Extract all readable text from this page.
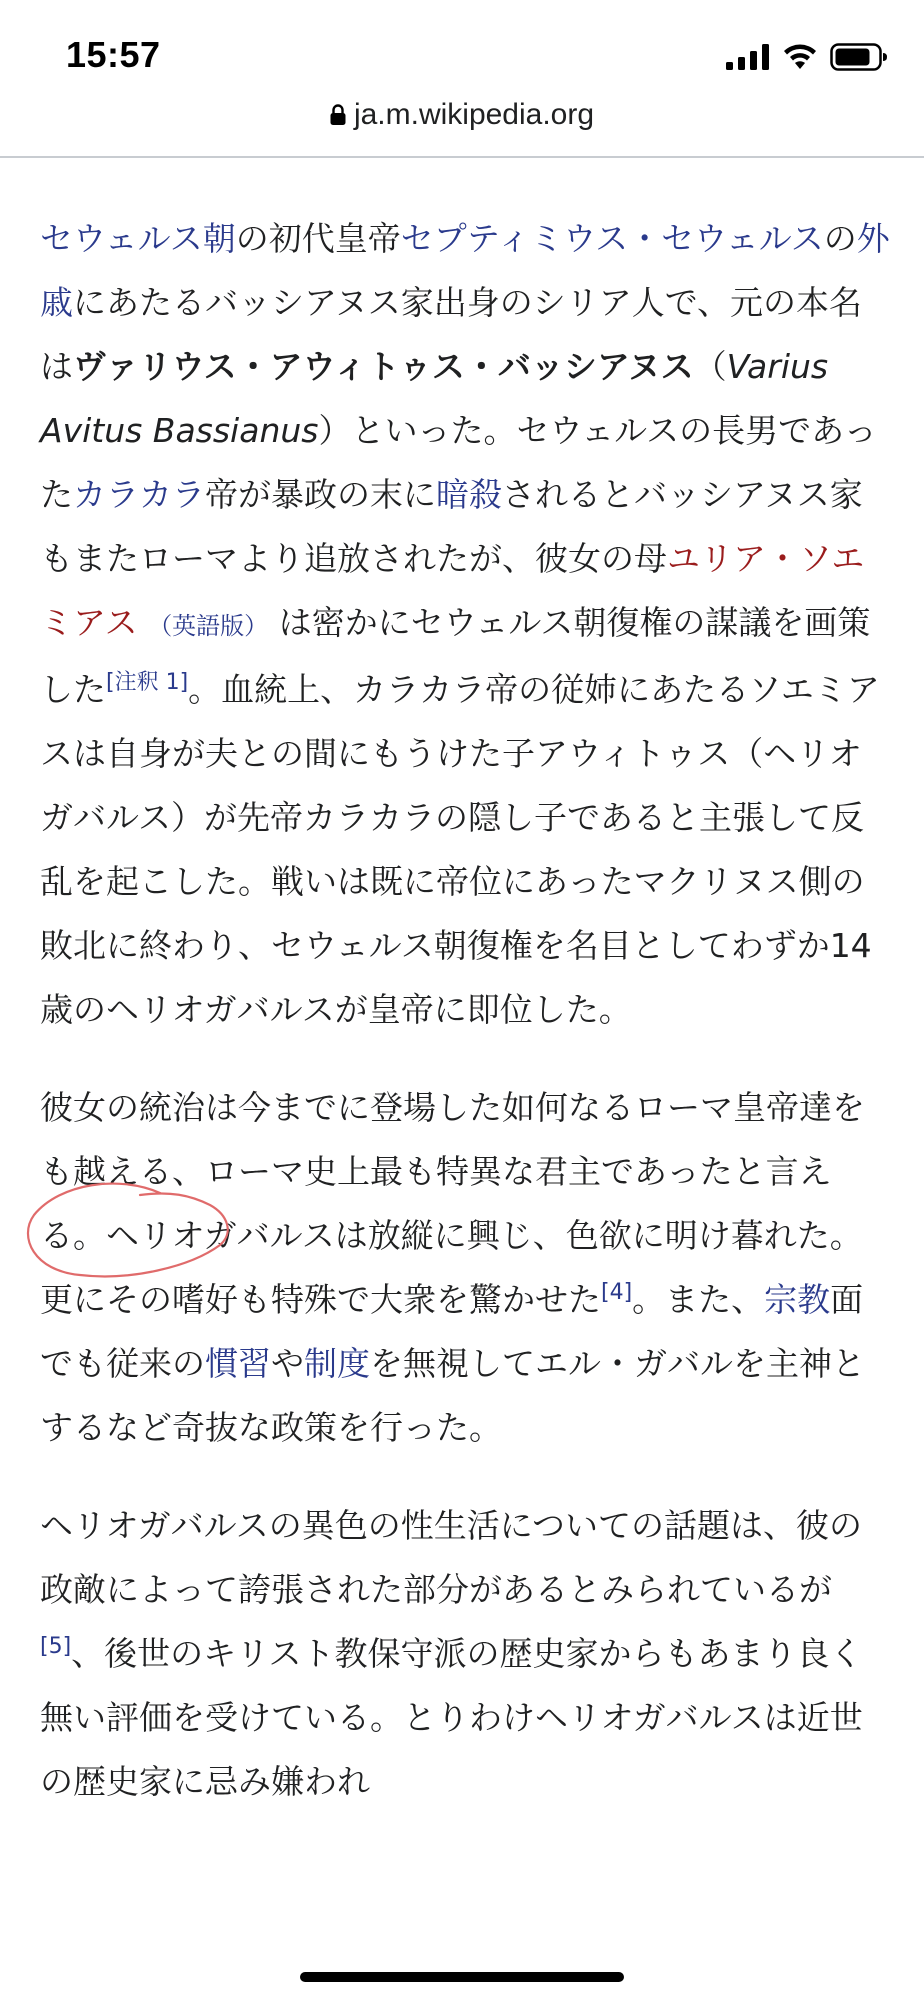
15:57
ja.m.wikipedia.org

セウェルス朝の初代皇帝セプティミウス・セウェルスの外戚にあたるバッシアヌス家出身のシリア人で、元の本名はヴァリウス・アウィトゥス・バッシアヌス（Varius Avitus Bassianus）といった。セウェルスの長男であったカラカラ帝が暴政の末に暗殺されるとバッシアヌス家もまたローマより追放されたが、彼女の母ユリア・ソエミアス （英語版） は密かにセウェルス朝復権の謀議を画策した[注釈 1]。血統上、カラカラ帝の従姉にあたるソエミアスは自身が夫との間にもうけた子アウィトゥス（ヘリオガバルス）が先帝カラカラの隠し子であると主張して反乱を起こした。戦いは既に帝位にあったマクリヌス側の敗北に終わり、セウェルス朝復権を名目としてわずか14歳のヘリオガバルスが皇帝に即位した。

彼女の統治は今までに登場した如何なるローマ皇帝達をも越える、ローマ史上最も特異な君主であったと言える。ヘリオガバルスは放縦に興じ、色欲に明け暮れた。更にその嗜好も特殊で大衆を驚かせた[4]。また、宗教面でも従来の慣習や制度を無視してエル・ガバルを主神とするなど奇抜な政策を行った。

ヘリオガバルスの異色の性生活についての話題は、彼の政敵によって誇張された部分があるとみられているが[5]、後世のキリスト教保守派の歴史家からもあまり良く無い評価を受けている。とりわけヘリオガバルスは近世の歴史家に忌み嫌われ
